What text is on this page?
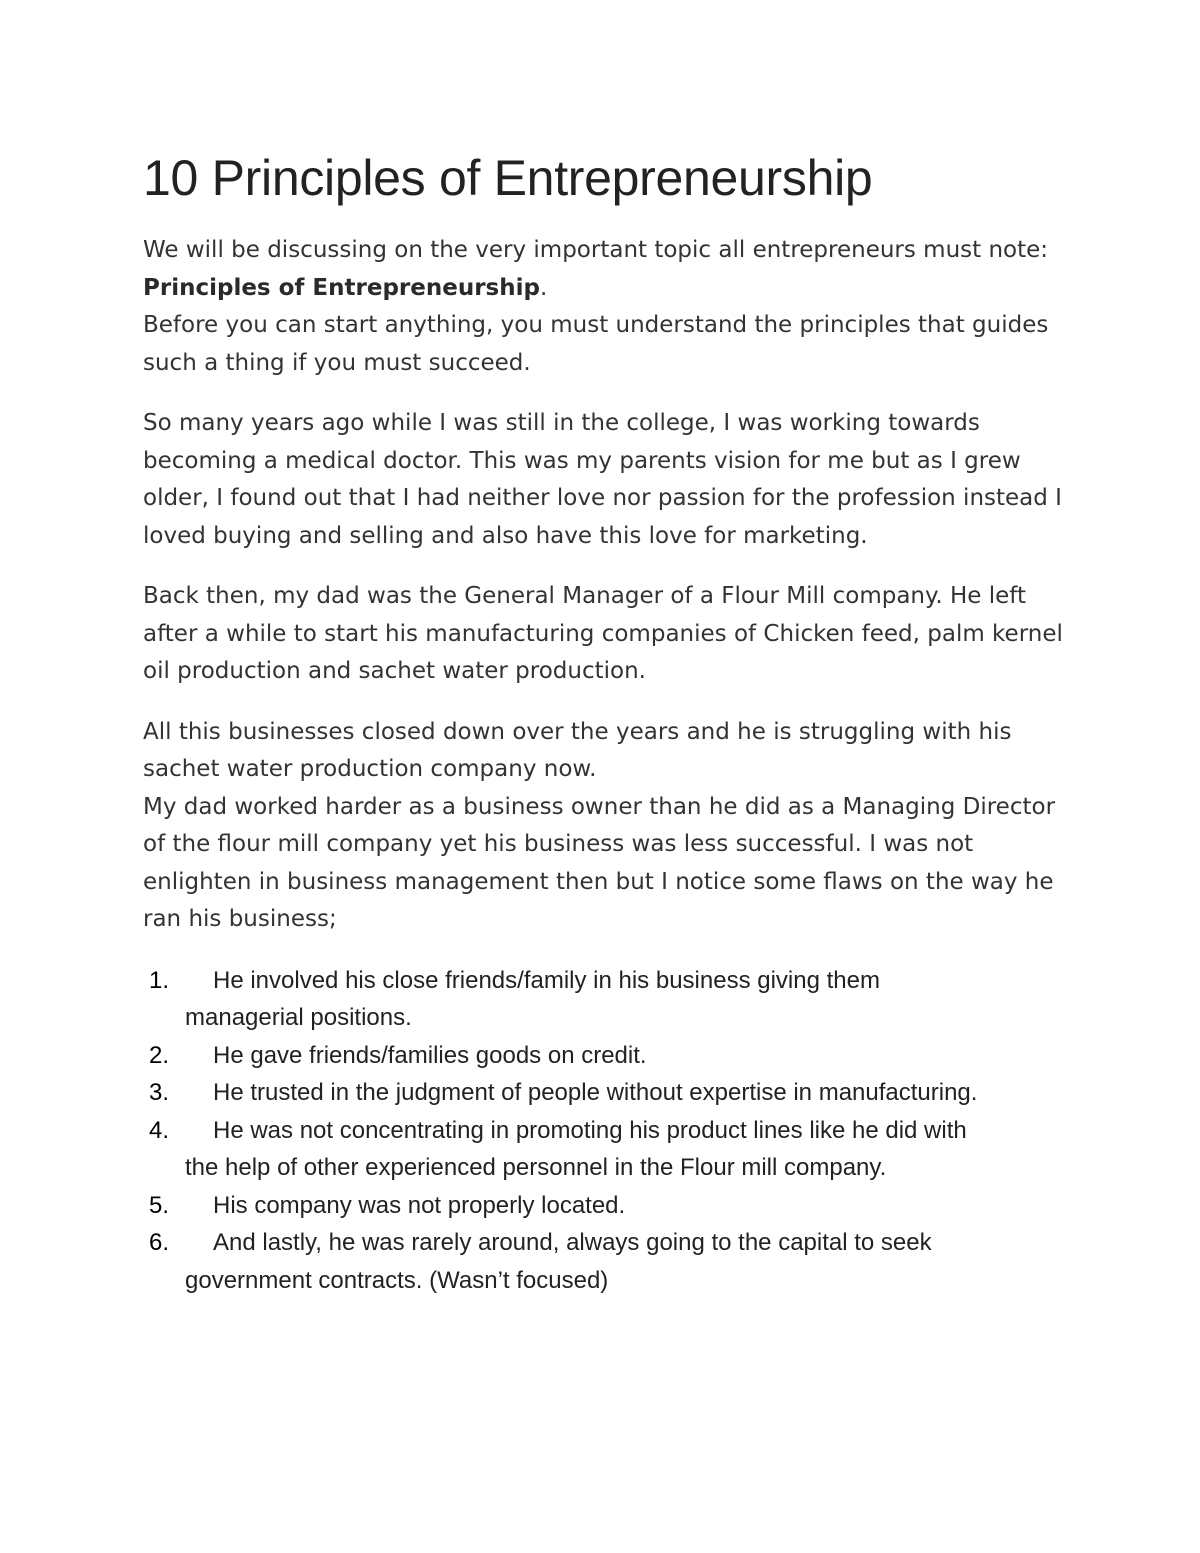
10 Principles of Entrepreneurship

We will be discussing on the very important topic all entrepreneurs must note: Principles of Entrepreneurship.

Before you can start anything, you must understand the principles that guides such a thing if you must succeed.

So many years ago while I was still in the college, I was working towards becoming a medical doctor. This was my parents vision for me but as I grew older, I found out that I had neither love nor passion for the profession instead I loved buying and selling and also have this love for marketing.

Back then, my dad was the General Manager of a Flour Mill company. He left after a while to start his manufacturing companies of Chicken feed, palm kernel oil production and sachet water production.

All this businesses closed down over the years and he is struggling with his sachet water production company now.

My dad worked harder as a business owner than he did as a Managing Director of the flour mill company yet his business was less successful. I was not enlighten in business management then but I notice some flaws on the way he ran his business;

1.	He involved his close friends/family in his business giving them
managerial positions.
2.	He gave friends/families goods on credit.
3.	He trusted in the judgment of people without expertise in manufacturing.
4.	He was not concentrating in promoting his product lines like he did with
the help of other experienced personnel in the Flour mill company.
5.	His company was not properly located.
6.	And lastly, he was rarely around, always going to the capital to seek
government contracts. (Wasn’t focused)
